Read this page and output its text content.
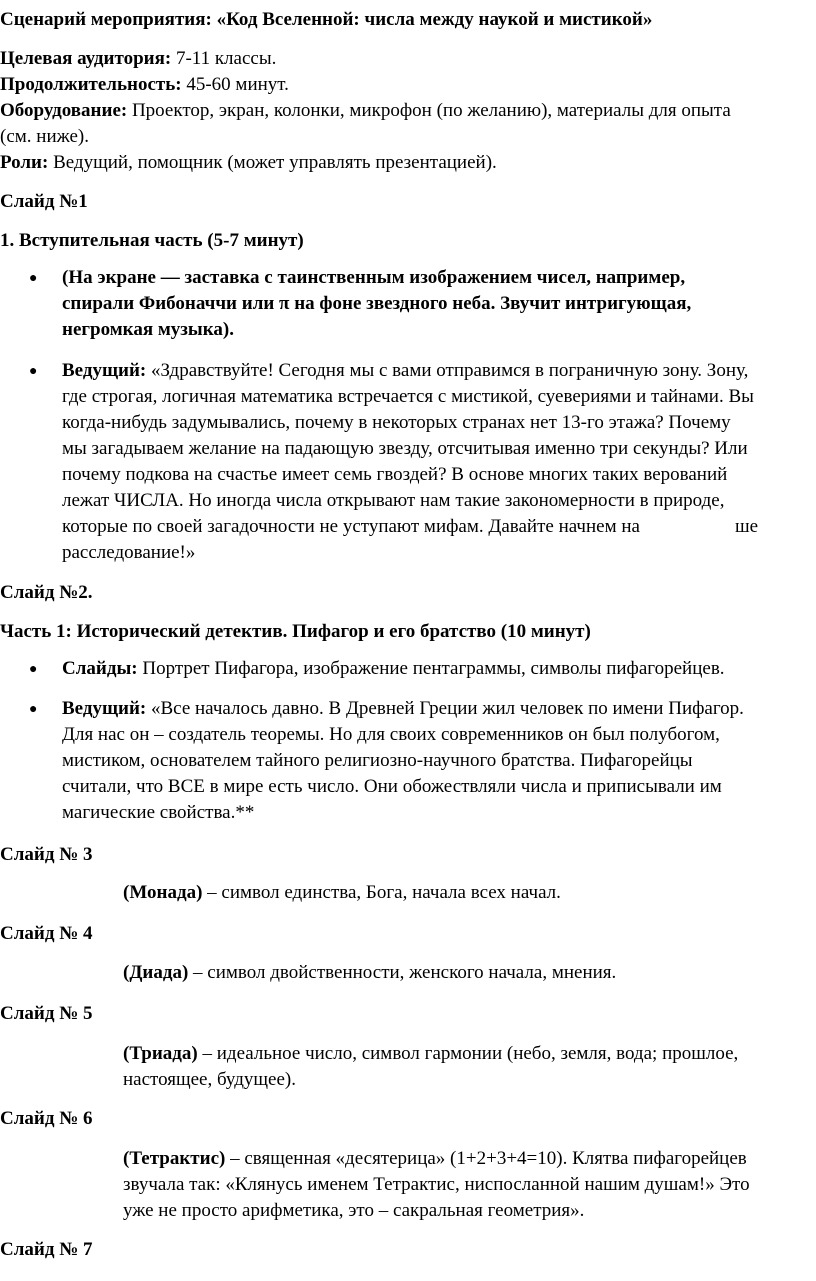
Сценарий мероприятия: «Код Вселенной: числа между наукой и мистикой»
Целевая аудитория: 7-11 классы.
Продолжительность: 45-60 минут.
Оборудование: Проектор, экран, колонки, микрофон (по желанию), материалы для опыта
(см. ниже).
Роли: Ведущий, помощник (может управлять презентацией).
Слайд №1
1. Вступительная часть (5-7 минут)
● (На экране — заставка с таинственным изображением чисел, например,
спирали Фибоначчи или π на фоне звездного неба. Звучит интригующая,
негромкая музыка).
● Ведущий: «Здравствуйте! Сегодня мы с вами отправимся в пограничную зону. Зону,
где строгая, логичная математика встречается с мистикой, суевериями и тайнами. Вы
когда-нибудь задумывались, почему в некоторых странах нет 13-го этажа? Почему
мы загадываем желание на падающую звезду, отсчитывая именно три секунды? Или
почему подкова на счастье имеет семь гвоздей? В основе многих таких верований
лежат ЧИСЛА. Но иногда числа открывают нам такие закономерности в природе,
которые по своей загадочности не уступают мифам. Давайте начнем на                    ше
расследование!»
Слайд №2.
Часть 1: Исторический детектив. Пифагор и его братство (10 минут)
● Слайды: Портрет Пифагора, изображение пентаграммы, символы пифагорейцев.
● Ведущий: «Все началось давно. В Древней Греции жил человек по имени Пифагор.
Для нас он – создатель теоремы. Но для своих современников он был полубогом,
мистиком, основателем тайного религиозно-научного братства. Пифагорейцы
считали, что ВСЕ в мире есть число. Они обожествляли числа и приписывали им
магические свойства.**
Слайд № 3
(Монада) – символ единства, Бога, начала всех начал.
Слайд № 4
(Диада) – символ двойственности, женского начала, мнения.
Слайд № 5
(Триада) – идеальное число, символ гармонии (небо, земля, вода; прошлое,
настоящее, будущее).
Слайд № 6
(Тетрактис) – священная «десятерица» (1+2+3+4=10). Клятва пифагорейцев
звучала так: «Клянусь именем Тетрактис, ниспосланной нашим душам!» Это
уже не просто арифметика, это – сакральная геометрия».
Слайд № 7
